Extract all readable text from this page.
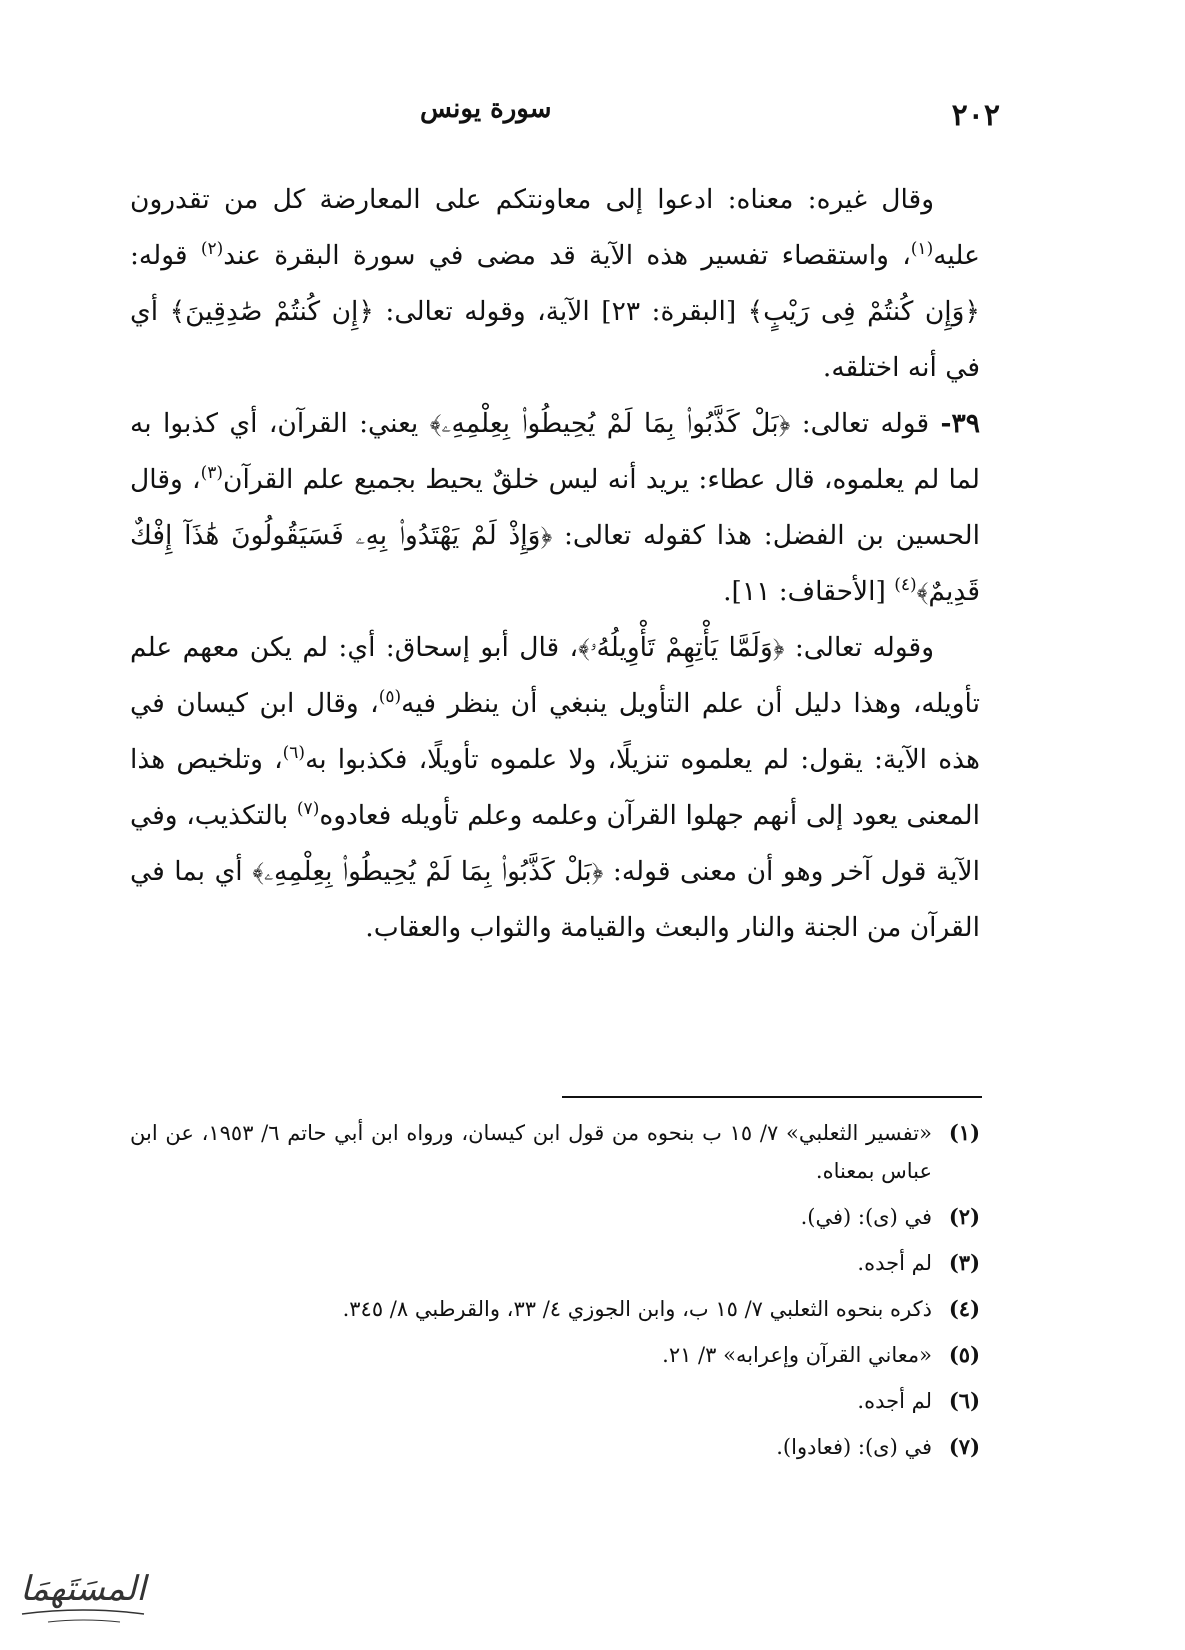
سورة يونس	٢٠٢

وقال غيره: معناه: ادعوا إلى معاونتكم على المعارضة كل من تقدرون عليه$^{(١)}$، واستقصاء تفسير هذه الآية قد مضى في سورة البقرة عند$^{(٢)}$ قوله: ﴿وَإِن كُنتُمْ فِى رَيْبٍ﴾ [البقرة: ٢٣] الآية، وقوله تعالى: ﴿إِن كُنتُمْ صَٰدِقِينَ﴾ أي في أنه اختلقه.

٣٩- قوله تعالى: ﴿بَلْ كَذَّبُوا۟ بِمَا لَمْ يُحِيطُوا۟ بِعِلْمِهِۦ﴾ يعني: القرآن، أي كذبوا به لما لم يعلموه، قال عطاء: يريد أنه ليس خلقٌ يحيط بجميع علم القرآن$^{(٣)}$، وقال الحسين بن الفضل: هذا كقوله تعالى: ﴿وَإِذْ لَمْ يَهْتَدُوا۟ بِهِۦ فَسَيَقُولُونَ هَٰذَآ إِفْكٌ قَدِيمٌ﴾$^{(٤)}$ [الأحقاف: ١١].

وقوله تعالى: ﴿وَلَمَّا يَأْتِهِمْ تَأْوِيلُهُۥ﴾، قال أبو إسحاق: أي: لم يكن معهم علم تأويله، وهذا دليل أن علم التأويل ينبغي أن ينظر فيه$^{(٥)}$، وقال ابن كيسان في هذه الآية: يقول: لم يعلموه تنزيلًا، ولا علموه تأويلًا، فكذبوا به$^{(٦)}$، وتلخيص هذا المعنى يعود إلى أنهم جهلوا القرآن وعلمه وعلم تأويله فعادوه$^{(٧)}$ بالتكذيب، وفي الآية قول آخر وهو أن معنى قوله: ﴿بَلْ كَذَّبُوا۟ بِمَا لَمْ يُحِيطُوا۟ بِعِلْمِهِۦ﴾ أي بما في القرآن من الجنة والنار والبعث والقيامة والثواب والعقاب.

(١)
«تفسير الثعلبي» ٧/ ١٥ ب بنحوه من قول ابن كيسان، ورواه ابن أبي حاتم ٦/ ١٩٥٣، عن ابن عباس بمعناه.
(٢)
في (ى): (في).
(٣)
لم أجده.
(٤)
ذكره بنحوه الثعلبي ٧/ ١٥ ب، وابن الجوزي ٤/ ٣٣، والقرطبي ٨/ ٣٤٥.
(٥)
«معاني القرآن وإعرابه» ٣/ ٢١.
(٦)
لم أجده.
(٧)
في (ى): (فعادوا).
المسَتَهمَا
